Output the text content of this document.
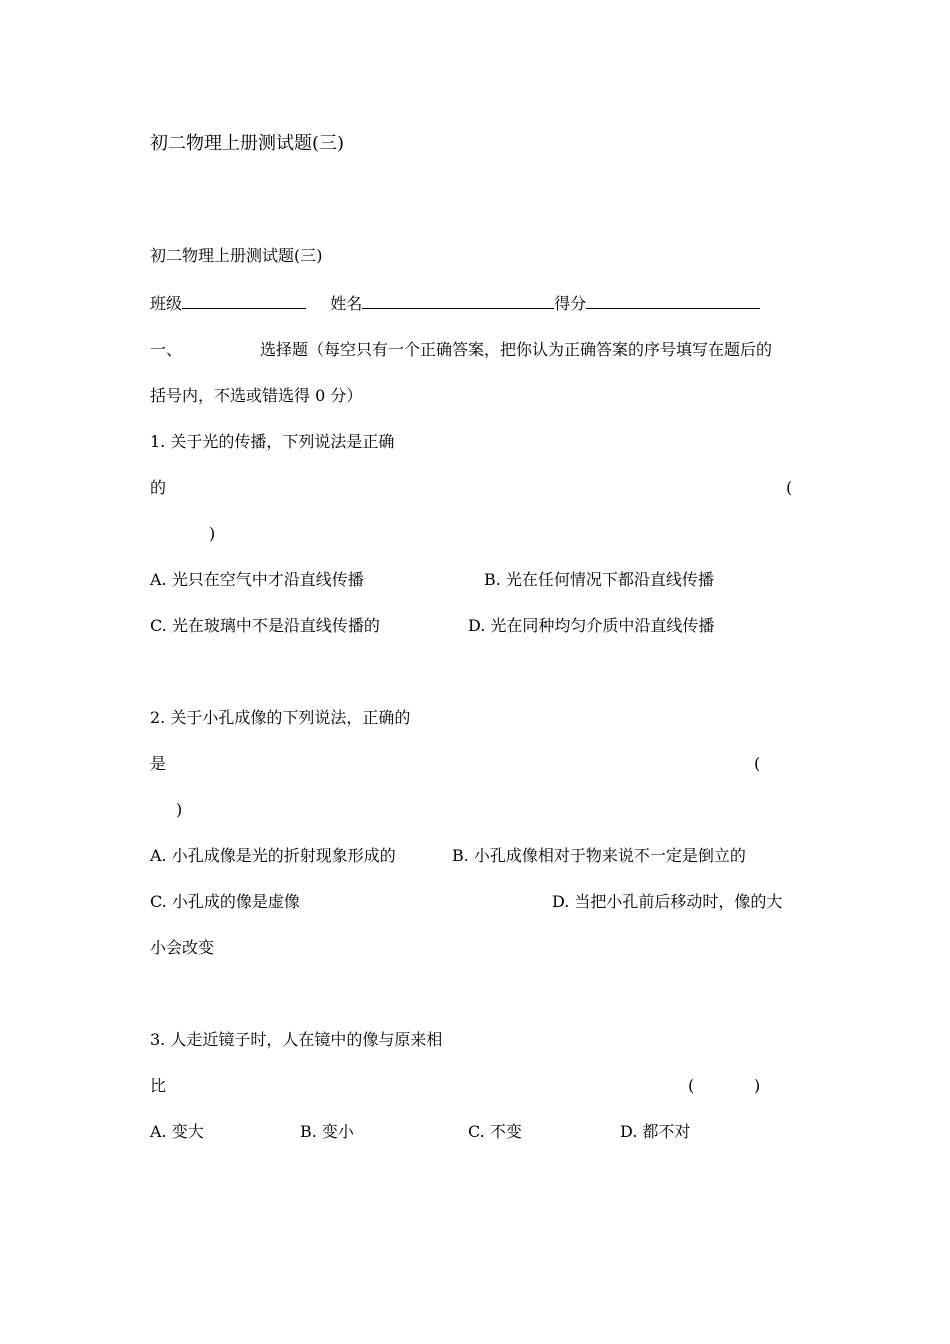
初二物理上册测试题(三)
初二物理上册测试题(三)
班级	姓名	得分
一、	选择题（每空只有一个正确答案，把你认为正确答案的序号填写在题后的
括号内，不选或错选得 0 分）
1. 关于光的传播，下列说法是正确
的	(
)
A. 光只在空气中才沿直线传播	B. 光在任何情况下都沿直线传播
C. 光在玻璃中不是沿直线传播的	D. 光在同种均匀介质中沿直线传播
2. 关于小孔成像的下列说法，正确的
是	(
)
A. 小孔成像是光的折射现象形成的	B. 小孔成像相对于物来说不一定是倒立的
C. 小孔成的像是虚像	D. 当把小孔前后移动时，像的大
小会改变
3. 人走近镜子时，人在镜中的像与原来相
比	(	)
A. 变大	B. 变小	C. 不变	D. 都不对
